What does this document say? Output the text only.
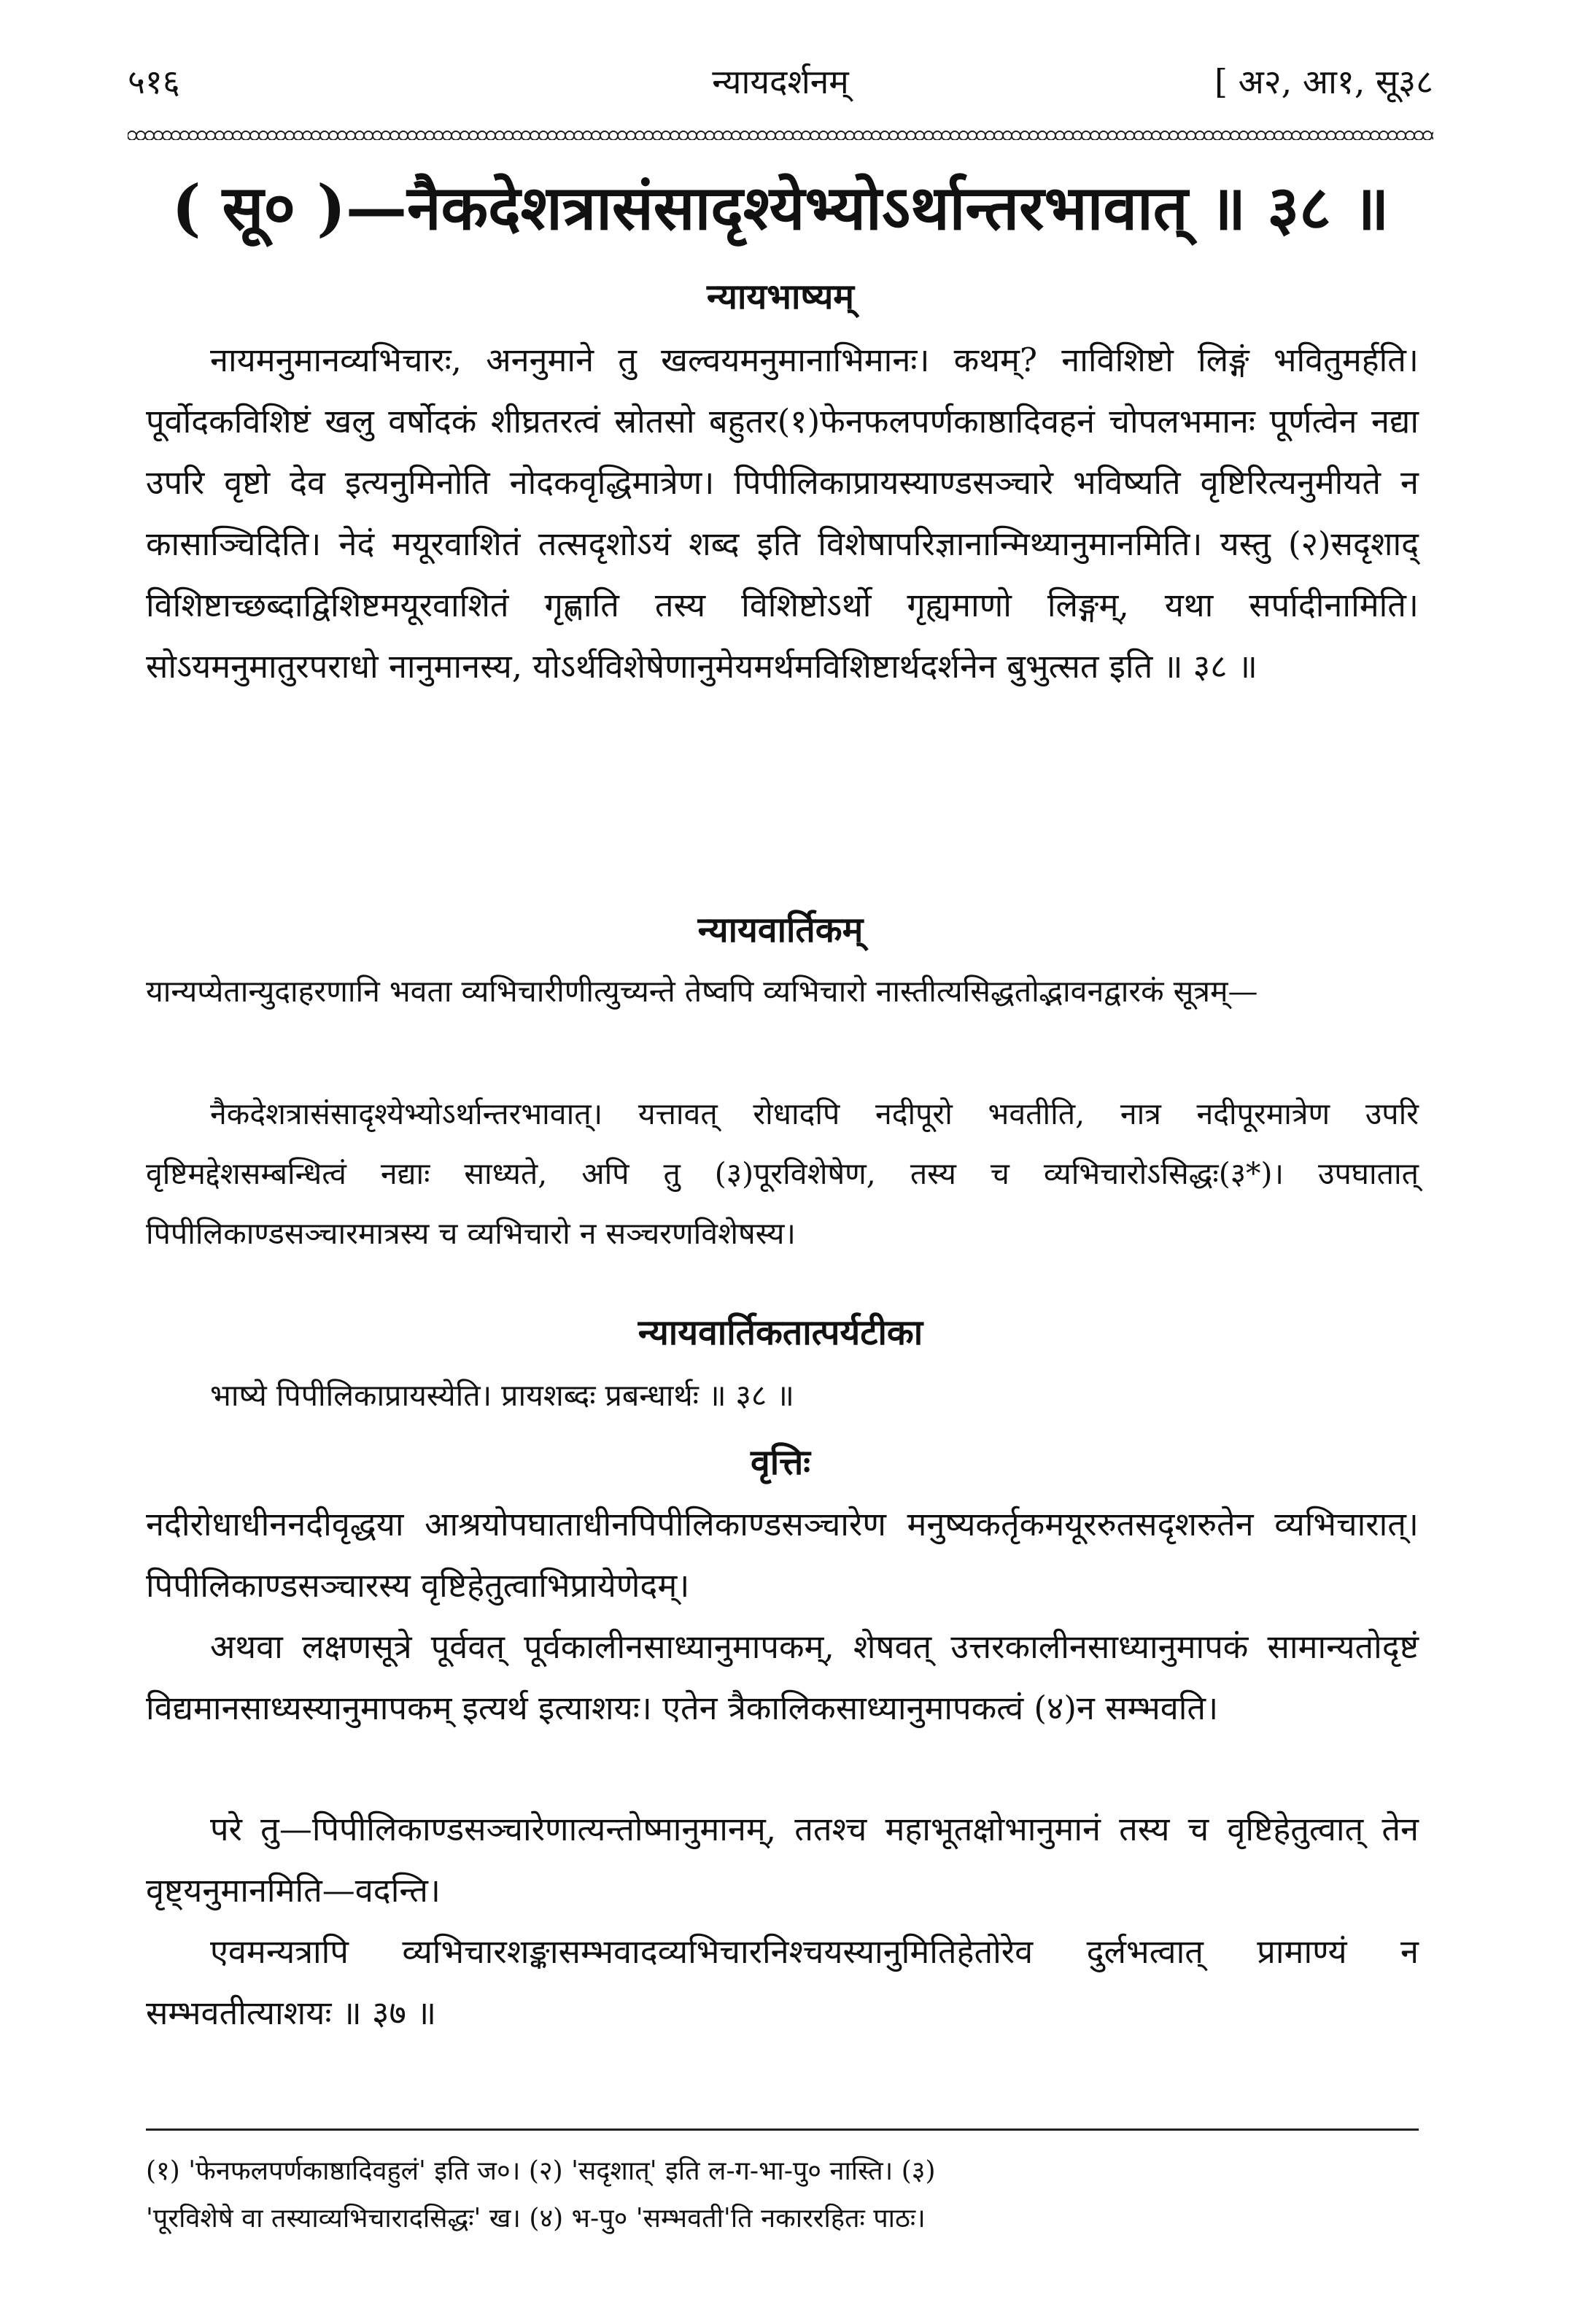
५१६	न्यायदर्शनम्	[ अ२, आ१, सू३८
( सू० )—नैकदेशत्रासंसादृश्येभ्योऽर्थान्तरभावात् ॥ ३८ ॥
न्यायभाष्यम्
नायमनुमानव्यभिचारः, अननुमाने तु खल्वयमनुमानाभिमानः। कथम्? नाविशिष्टो लिङ्गं भवितुमर्हति। पूर्वोदकविशिष्टं खलु वर्षोदकं शीघ्रतरत्वं स्रोतसो बहुतर(१)फेनफलपर्णकाष्ठादिवहनं चोपलभमानः पूर्णत्वेन नद्या उपरि वृष्टो देव इत्यनुमिनोति नोदकवृद्धिमात्रेण। पिपीलिकाप्रायस्याण्डसञ्चारे भविष्यति वृष्टिरित्यनुमीयते न कासाञ्चिदिति। नेदं मयूरवाशितं तत्सदृशोऽयं शब्द इति विशेषापरिज्ञानान्मिथ्यानुमानमिति। यस्तु (२)सदृशाद् विशिष्टाच्छब्दाद्विशिष्टमयूरवाशितं गृह्णाति तस्य विशिष्टोऽर्थो गृह्यमाणो लिङ्गम्, यथा सर्पादीनामिति। सोऽयमनुमातुरपराधो नानुमानस्य, योऽर्थविशेषेणानुमेयमर्थमविशिष्टार्थदर्शनेन बुभुत्सत इति ॥ ३८ ॥
न्यायवार्तिकम्
यान्यप्येतान्युदाहरणानि भवता व्यभिचारीणीत्युच्यन्ते तेष्वपि व्यभिचारो नास्तीत्यसिद्धतोद्भावनद्वारकं सूत्रम्—
नैकदेशत्रासंसादृश्येभ्योऽर्थान्तरभावात्। यत्तावत् रोधादपि नदीपूरो भवतीति, नात्र नदीपूरमात्रेण उपरि वृष्टिमद्देशसम्बन्धित्वं नद्याः साध्यते, अपि तु (३)पूरविशेषेण, तस्य च व्यभिचारोऽसिद्धः(३*)। उपघातात् पिपीलिकाण्डसञ्चारमात्रस्य च व्यभिचारो न सञ्चरणविशेषस्य।
न्यायवार्तिकतात्पर्यटीका
भाष्ये पिपीलिकाप्रायस्येति। प्रायशब्दः प्रबन्धार्थः ॥ ३८ ॥
वृत्तिः
नदीरोधाधीननदीवृद्धया आश्रयोपघाताधीनपिपीलिकाण्डसञ्चारेण मनुष्यकर्तृकमयूररुतसदृशरुतेन व्यभिचारात्। पिपीलिकाण्डसञ्चारस्य वृष्टिहेतुत्वाभिप्रायेणेदम्।
अथवा लक्षणसूत्रे पूर्ववत् पूर्वकालीनसाध्यानुमापकम्, शेषवत् उत्तरकालीनसाध्यानुमापकं सामान्यतोदृष्टं विद्यमानसाध्यस्यानुमापकम् इत्यर्थ इत्याशयः। एतेन त्रैकालिकसाध्यानुमापकत्वं (४)न सम्भवति।
परे तु—पिपीलिकाण्डसञ्चारेणात्यन्तोष्मानुमानम्, ततश्च महाभूतक्षोभानुमानं तस्य च वृष्टिहेतुत्वात् तेन वृष्ट्यनुमानमिति—वदन्ति।
एवमन्यत्रापि व्यभिचारशङ्कासम्भवादव्यभिचारनिश्चयस्यानुमितिहेतोरेव दुर्लभत्वात् प्रामाण्यं न सम्भवतीत्याशयः ॥ ३७ ॥
(१) 'फेनफलपर्णकाष्ठादिवहुलं' इति ज०। (२) 'सदृशात्' इति ल-ग-भा-पु० नास्ति। (३)
'पूरविशेषे वा तस्याव्यभिचारादसिद्धः' ख। (४) भ-पु० 'सम्भवती'ति नकाररहितः पाठः।
